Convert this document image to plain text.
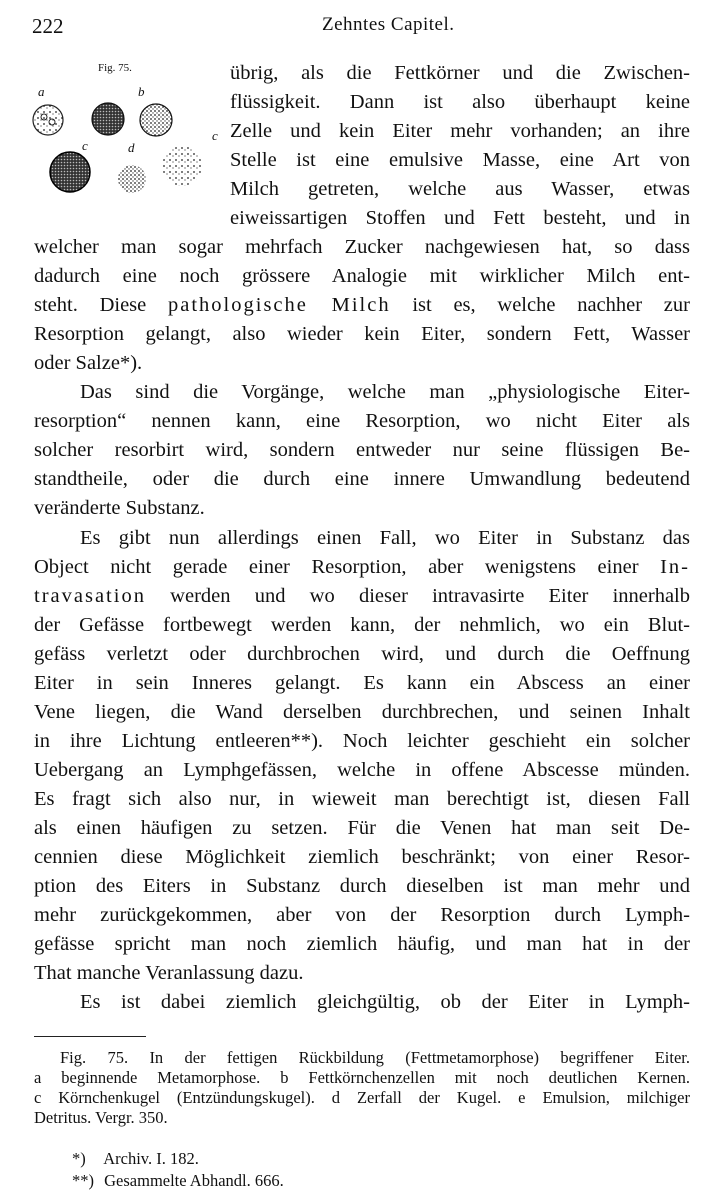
222	Zehntes Capitel.
Fig. 75.
a	b
c
c
d
übrig, als die Fettkörner und die Zwischen-
flüssigkeit. Dann ist also überhaupt keine
Zelle und kein Eiter mehr vorhanden; an ihre
Stelle ist eine emulsive Masse, eine Art von
Milch getreten, welche aus Wasser, etwas
eiweissartigen Stoffen und Fett besteht, und in
welcher man sogar mehrfach Zucker nachgewiesen hat, so dass
dadurch eine noch grössere Analogie mit wirklicher Milch ent-
steht. Diese pathologische Milch ist es, welche nachher zur
Resorption gelangt, also wieder kein Eiter, sondern Fett, Wasser
oder Salze*).
Das sind die Vorgänge, welche man „physiologische Eiter-
resorption“ nennen kann, eine Resorption, wo nicht Eiter als
solcher resorbirt wird, sondern entweder nur seine flüssigen Be-
standtheile, oder die durch eine innere Umwandlung bedeutend
veränderte Substanz.
Es gibt nun allerdings einen Fall, wo Eiter in Substanz das
Object nicht gerade einer Resorption, aber wenigstens einer In-
travasation werden und wo dieser intravasirte Eiter innerhalb
der Gefässe fortbewegt werden kann, der nehmlich, wo ein Blut-
gefäss verletzt oder durchbrochen wird, und durch die Oeffnung
Eiter in sein Inneres gelangt. Es kann ein Abscess an einer
Vene liegen, die Wand derselben durchbrechen, und seinen Inhalt
in ihre Lichtung entleeren**). Noch leichter geschieht ein solcher
Uebergang an Lymphgefässen, welche in offene Abscesse münden.
Es fragt sich also nur, in wieweit man berechtigt ist, diesen Fall
als einen häufigen zu setzen. Für die Venen hat man seit De-
cennien diese Möglichkeit ziemlich beschränkt; von einer Resor-
ption des Eiters in Substanz durch dieselben ist man mehr und
mehr zurückgekommen, aber von der Resorption durch Lymph-
gefässe spricht man noch ziemlich häufig, und man hat in der
That manche Veranlassung dazu.
Es ist dabei ziemlich gleichgültig, ob der Eiter in Lymph-
Fig. 75. In der fettigen Rückbildung (Fettmetamorphose) begriffener Eiter.
a beginnende Metamorphose. b Fettkörnchenzellen mit noch deutlichen Kernen.
c Körnchenkugel (Entzündungskugel). d Zerfall der Kugel. e Emulsion, milchiger
Detritus. Vergr. 350.
*) Archiv. I. 182.
**) Gesammelte Abhandl. 666.
